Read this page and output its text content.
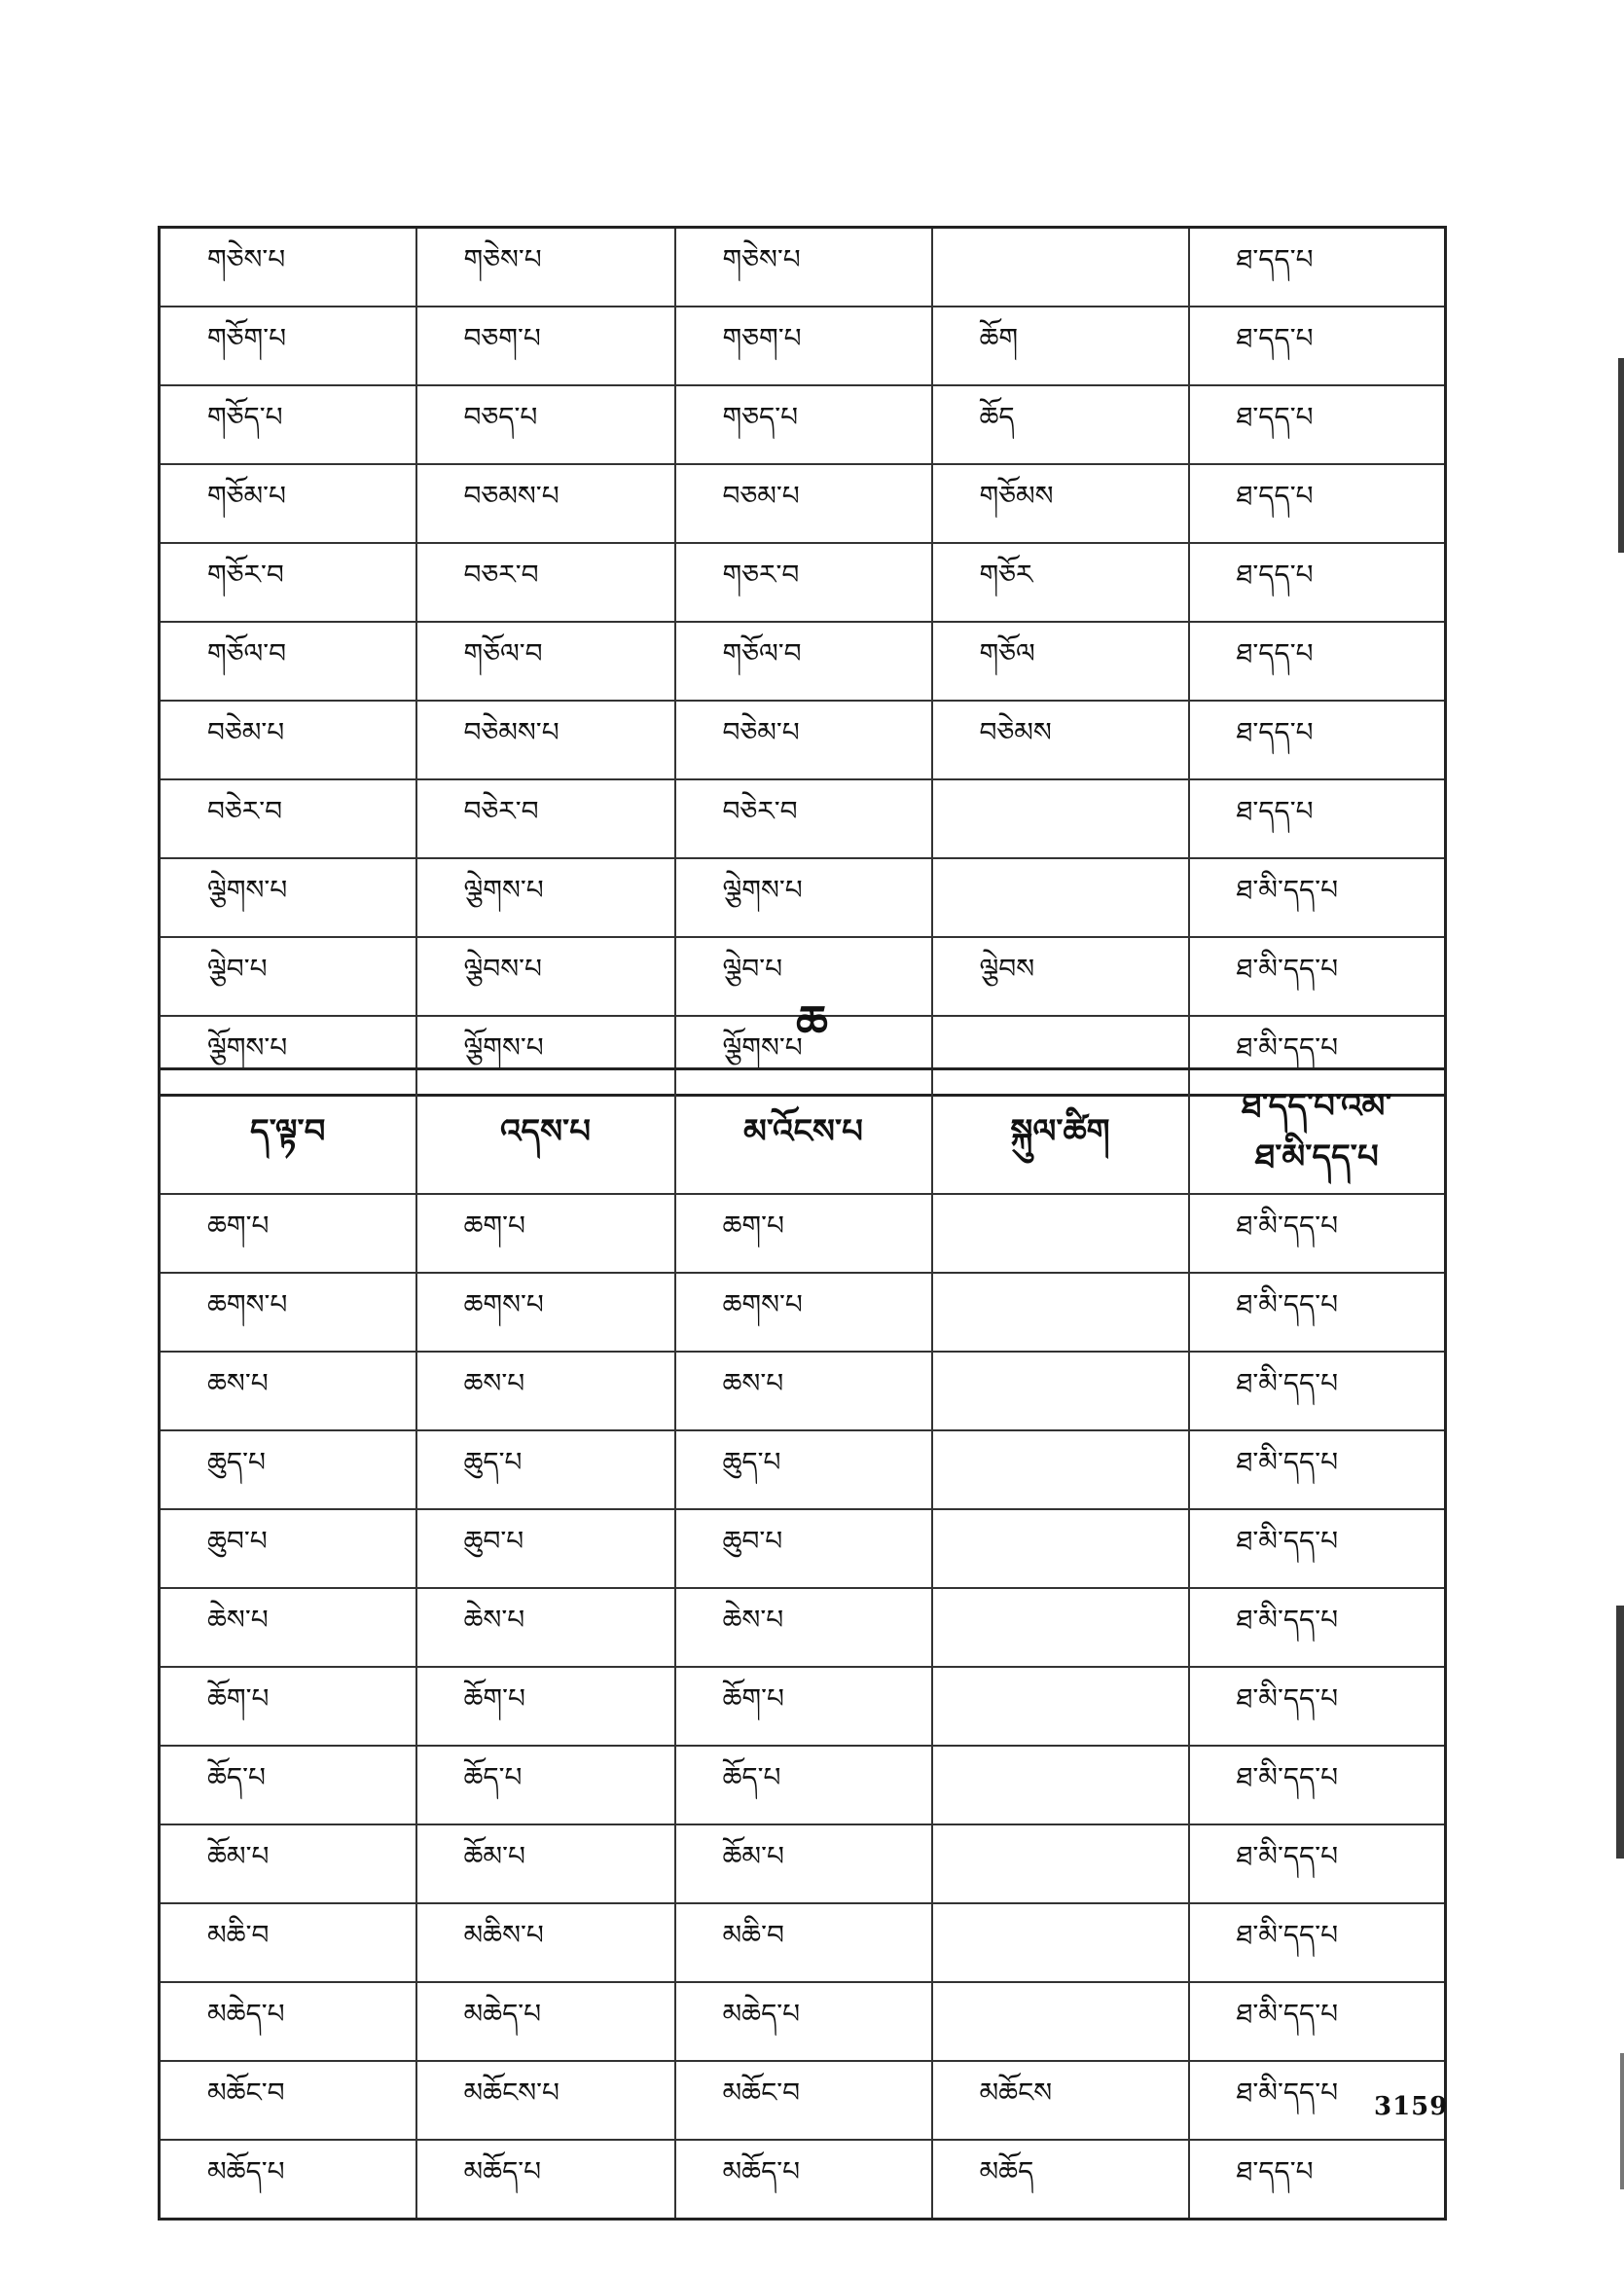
གཅེས་པ	གཅེས་པ	གཅེས་པ		ཐ་དད་པ
གཅོག་པ	བཅག་པ	གཅག་པ	ཆོག	ཐ་དད་པ
གཅོད་པ	བཅད་པ	གཅད་པ	ཆོད	ཐ་དད་པ
གཅོམ་པ	བཅམས་པ	བཅམ་པ	གཅོམས	ཐ་དད་པ
གཅོར་བ	བཅར་བ	གཅར་བ	གཅོར	ཐ་དད་པ
གཅོལ་བ	གཅོལ་བ	གཅོལ་བ	གཅོལ	ཐ་དད་པ
བཅེམ་པ	བཅེམས་པ	བཅེམ་པ	བཅེམས	ཐ་དད་པ
བཅེར་བ	བཅེར་བ	བཅེར་བ		ཐ་དད་པ
ལྕེགས་པ	ལྕེགས་པ	ལྕེགས་པ		ཐ་མི་དད་པ
ལྕེབ་པ	ལྕེབས་པ	ལྕེབ་པ	ལྕེབས	ཐ་མི་དད་པ
ལྕོགས་པ	ལྕོགས་པ	ལྕོགས་པ		ཐ་མི་དད་པ
ཆ
ད་ལྟ་བ	འདས་པ	མ་འོངས་པ	སྐུལ་ཚིག	ཐ་དད་པ་འམ་
ཐ་མི་དད་པ

ཆག་པ	ཆག་པ	ཆག་པ		ཐ་མི་དད་པ
ཆགས་པ	ཆགས་པ	ཆགས་པ		ཐ་མི་དད་པ
ཆས་པ	ཆས་པ	ཆས་པ		ཐ་མི་དད་པ
ཆུད་པ	ཆུད་པ	ཆུད་པ		ཐ་མི་དད་པ
ཆུབ་པ	ཆུབ་པ	ཆུབ་པ		ཐ་མི་དད་པ
ཆེས་པ	ཆེས་པ	ཆེས་པ		ཐ་མི་དད་པ
ཆོག་པ	ཆོག་པ	ཆོག་པ		ཐ་མི་དད་པ
ཆོད་པ	ཆོད་པ	ཆོད་པ		ཐ་མི་དད་པ
ཆོམ་པ	ཆོམ་པ	ཆོམ་པ		ཐ་མི་དད་པ
མཆི་བ	མཆིས་པ	མཆི་བ		ཐ་མི་དད་པ
མཆེད་པ	མཆེད་པ	མཆེད་པ		ཐ་མི་དད་པ
མཆོང་བ	མཆོངས་པ	མཆོང་བ	མཆོངས	ཐ་མི་དད་པ
མཆོད་པ	མཆོད་པ	མཆོད་པ	མཆོད	ཐ་དད་པ
3159
